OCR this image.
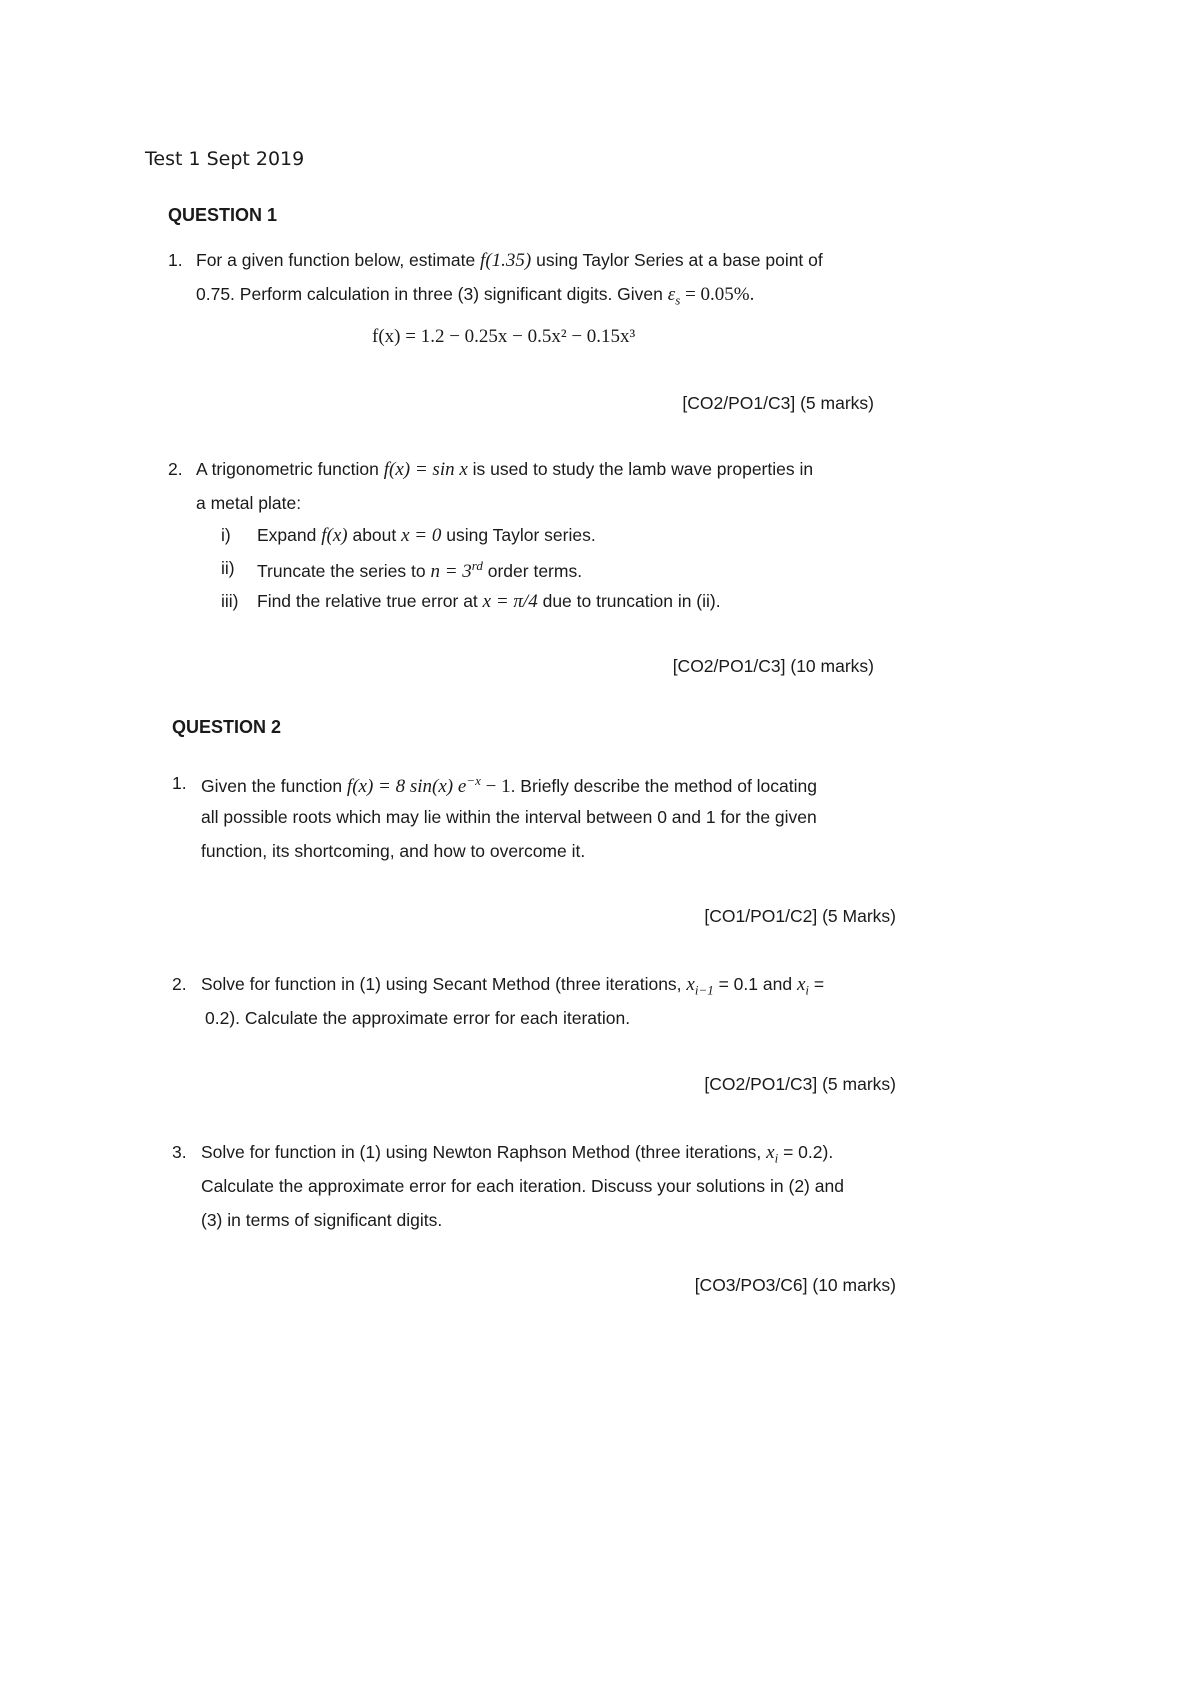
Test 1 Sept 2019
QUESTION 1
1. For a given function below, estimate f(1.35) using Taylor Series at a base point of
0.75. Perform calculation in three (3) significant digits. Given $\varepsilon_s = 0.05\%$.
f(x) = 1.2 − 0.25x − 0.5x² − 0.15x³
[CO2/PO1/C3] (5 marks)
2. A trigonometric function f(x) = sin x is used to study the lamb wave properties in
a metal plate:
i) Expand f(x) about x = 0 using Taylor series.
ii) Truncate the series to n = 3rd order terms.
iii) Find the relative true error at x = π/4 due to truncation in (ii).
[CO2/PO1/C3] (10 marks)
QUESTION 2
1. Given the function f(x) = 8 sin(x) $e^{-x} - 1$. Briefly describe the method of locating
all possible roots which may lie within the interval between 0 and 1 for the given
function, its shortcoming, and how to overcome it.
[CO1/PO1/C2] (5 Marks)
2. Solve for function in (1) using Secant Method (three iterations, $x_{i-1} = 0.1$ and $x_i$ =
0.2). Calculate the approximate error for each iteration.
[CO2/PO1/C3] (5 marks)
3. Solve for function in (1) using Newton Raphson Method (three iterations, $x_i = 0.2$).
Calculate the approximate error for each iteration. Discuss your solutions in (2) and
(3) in terms of significant digits.
[CO3/PO3/C6] (10 marks)
